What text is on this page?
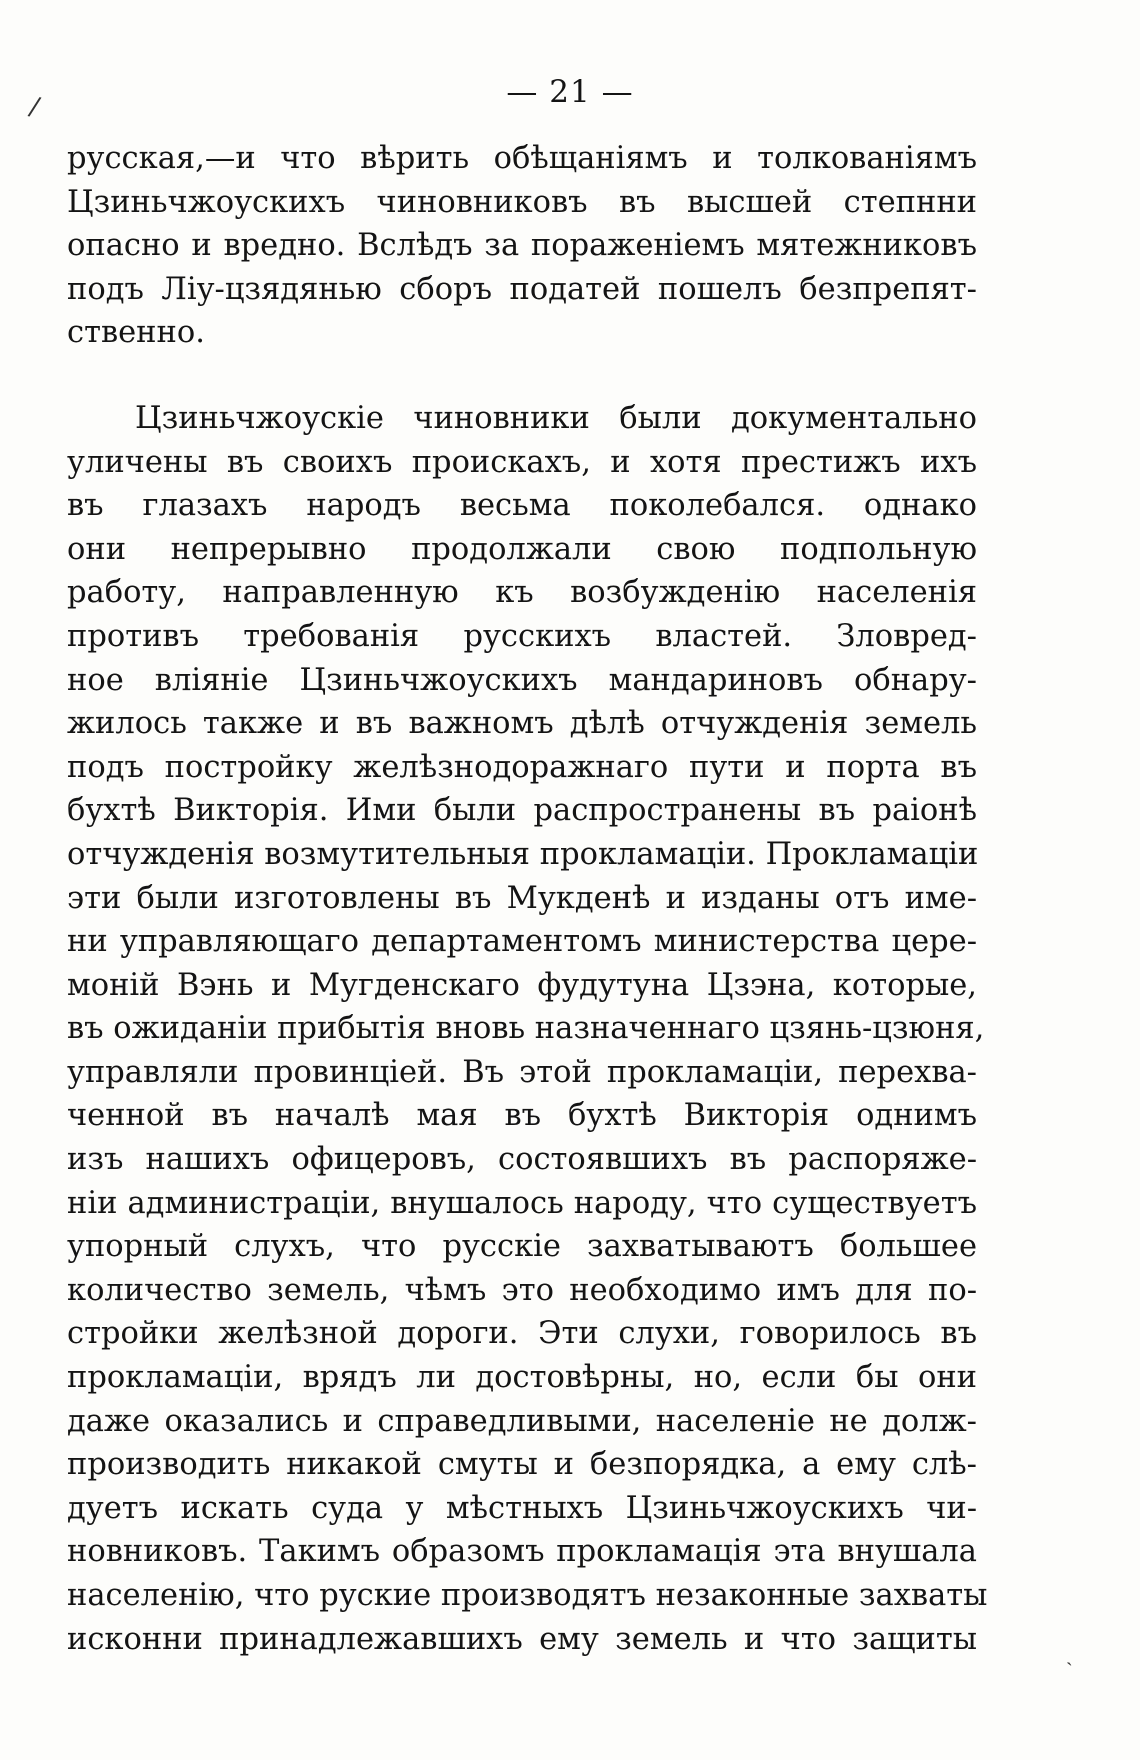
— 21 —
/
ˏ
русская,—и что вѣрить обѣщаніямъ и толкованіямъ
Цзиньчжоускихъ чиновниковъ въ высшей степнни
опасно и вредно. Вслѣдъ за пораженіемъ мятежниковъ
подъ Ліу-цзядянью сборъ податей пошелъ безпрепят-
ственно.
Цзиньчжоускіе чиновники были документально
уличены въ своихъ проискахъ, и хотя престижъ ихъ
въ глазахъ народъ весьма поколебался. однако
они непрерывно продолжали свою подпольную
работу, направленную къ возбужденію населенія
противъ требованія русскихъ властей. Зловред-
ное вліяніе Цзиньчжоускихъ мандариновъ обнару-
жилось также и въ важномъ дѣлѣ отчужденія земель
подъ постройку желѣзнодоражнаго пути и порта въ
бухтѣ Викторія. Ими были распространены въ раіонѣ
отчужденія возмутительныя прокламаціи. Прокламаціи
эти были изготовлены въ Мукденѣ и изданы отъ име-
ни управляющаго департаментомъ министерства цере-
моній Вэнь и Мугденскаго фудутуна Цзэна, которые,
въ ожиданіи прибытія вновь назначеннаго цзянь-цзюня,
управляли провинціей. Въ этой прокламаціи, перехва-
ченной въ началѣ мая въ бухтѣ Викторія однимъ
изъ нашихъ офицеровъ, состоявшихъ въ распоряже-
ніи администраціи, внушалось народу, что существуетъ
упорный слухъ, что русскіе захватываютъ большее
количество земель, чѣмъ это необходимо имъ для по-
стройки желѣзной дороги. Эти слухи, говорилось въ
прокламаціи, врядъ ли достовѣрны, но, если бы они
даже оказались и справедливыми, населеніе не долж-
производить никакой смуты и безпорядка, а ему слѣ-
дуетъ искать суда у мѣстныхъ Цзиньчжоускихъ чи-
новниковъ. Такимъ образомъ прокламація эта внушала
населенію, что руские производятъ незаконные захваты
исконни принадлежавшихъ ему земель и что защиты
